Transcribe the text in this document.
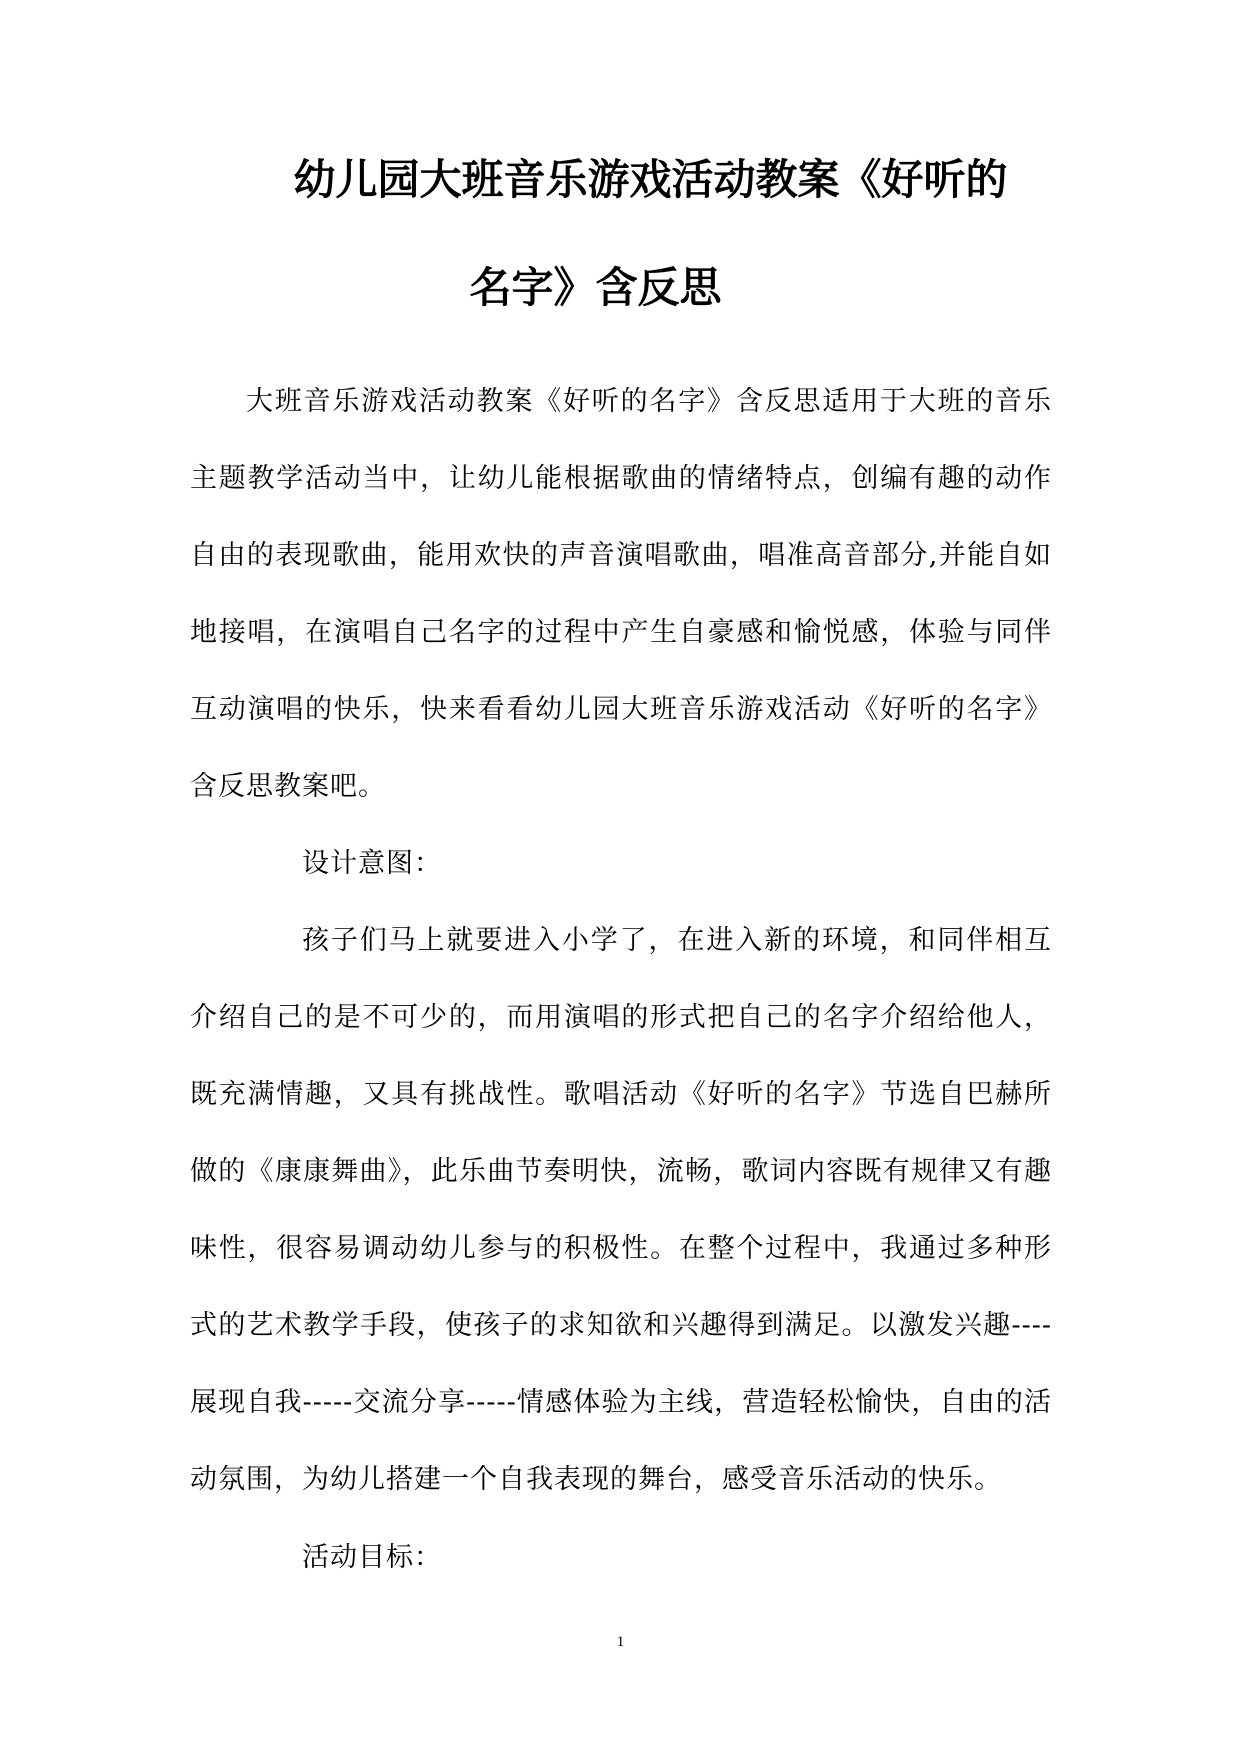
幼儿园大班音乐游戏活动教案《好听的
名字》含反思

大班音乐游戏活动教案《好听的名字》含反思适用于大班的音乐主题教学活动当中，让幼儿能根据歌曲的情绪特点，创编有趣的动作自由的表现歌曲，能用欢快的声音演唱歌曲，唱准高音部分,并能自如地接唱，在演唱自己名字的过程中产生自豪感和愉悦感，体验与同伴互动演唱的快乐，快来看看幼儿园大班音乐游戏活动《好听的名字》含反思教案吧。

设计意图：

孩子们马上就要进入小学了，在进入新的环境，和同伴相互介绍自己的是不可少的，而用演唱的形式把自己的名字介绍给他人，既充满情趣，又具有挑战性。歌唱活动《好听的名字》节选自巴赫所做的《康康舞曲》，此乐曲节奏明快，流畅，歌词内容既有规律又有趣味性，很容易调动幼儿参与的积极性。在整个过程中，我通过多种形式的艺术教学手段，使孩子的求知欲和兴趣得到满足。以激发兴趣----展现自我-----交流分享-----情感体验为主线，营造轻松愉快，自由的活动氛围，为幼儿搭建一个自我表现的舞台，感受音乐活动的快乐。

活动目标：

1
